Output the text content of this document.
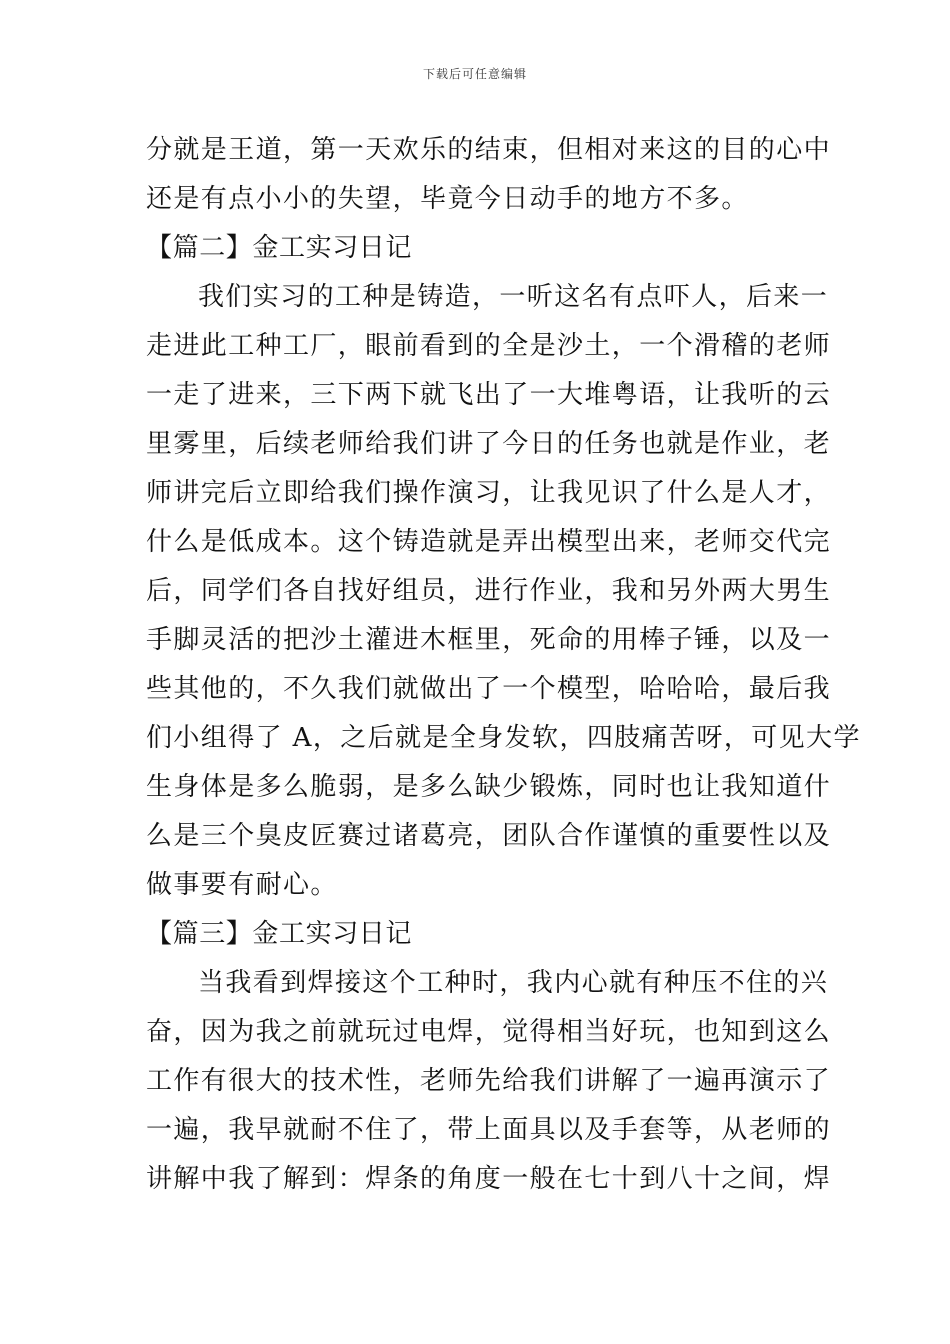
下载后可任意编辑
分就是王道，第一天欢乐的结束，但相对来这的目的心中
还是有点小小的失望，毕竟今日动手的地方不多。
【篇二】金工实习日记
我们实习的工种是铸造，一听这名有点吓人，后来一
走进此工种工厂，眼前看到的全是沙土，一个滑稽的老师
一走了进来，三下两下就飞出了一大堆粤语，让我听的云
里雾里，后续老师给我们讲了今日的任务也就是作业，老
师讲完后立即给我们操作演习，让我见识了什么是人才，
什么是低成本。这个铸造就是弄出模型出来，老师交代完
后，同学们各自找好组员，进行作业，我和另外两大男生
手脚灵活的把沙土灌进木框里，死命的用棒子锤，以及一
些其他的，不久我们就做出了一个模型，哈哈哈，最后我
们小组得了 A，之后就是全身发软，四肢痛苦呀，可见大学
生身体是多么脆弱，是多么缺少锻炼，同时也让我知道什
么是三个臭皮匠赛过诸葛亮，团队合作谨慎的重要性以及
做事要有耐心。
【篇三】金工实习日记
当我看到焊接这个工种时，我内心就有种压不住的兴
奋，因为我之前就玩过电焊，觉得相当好玩，也知到这么
工作有很大的技术性，老师先给我们讲解了一遍再演示了
一遍，我早就耐不住了，带上面具以及手套等，从老师的
讲解中我了解到：焊条的角度一般在七十到八十之间，焊
